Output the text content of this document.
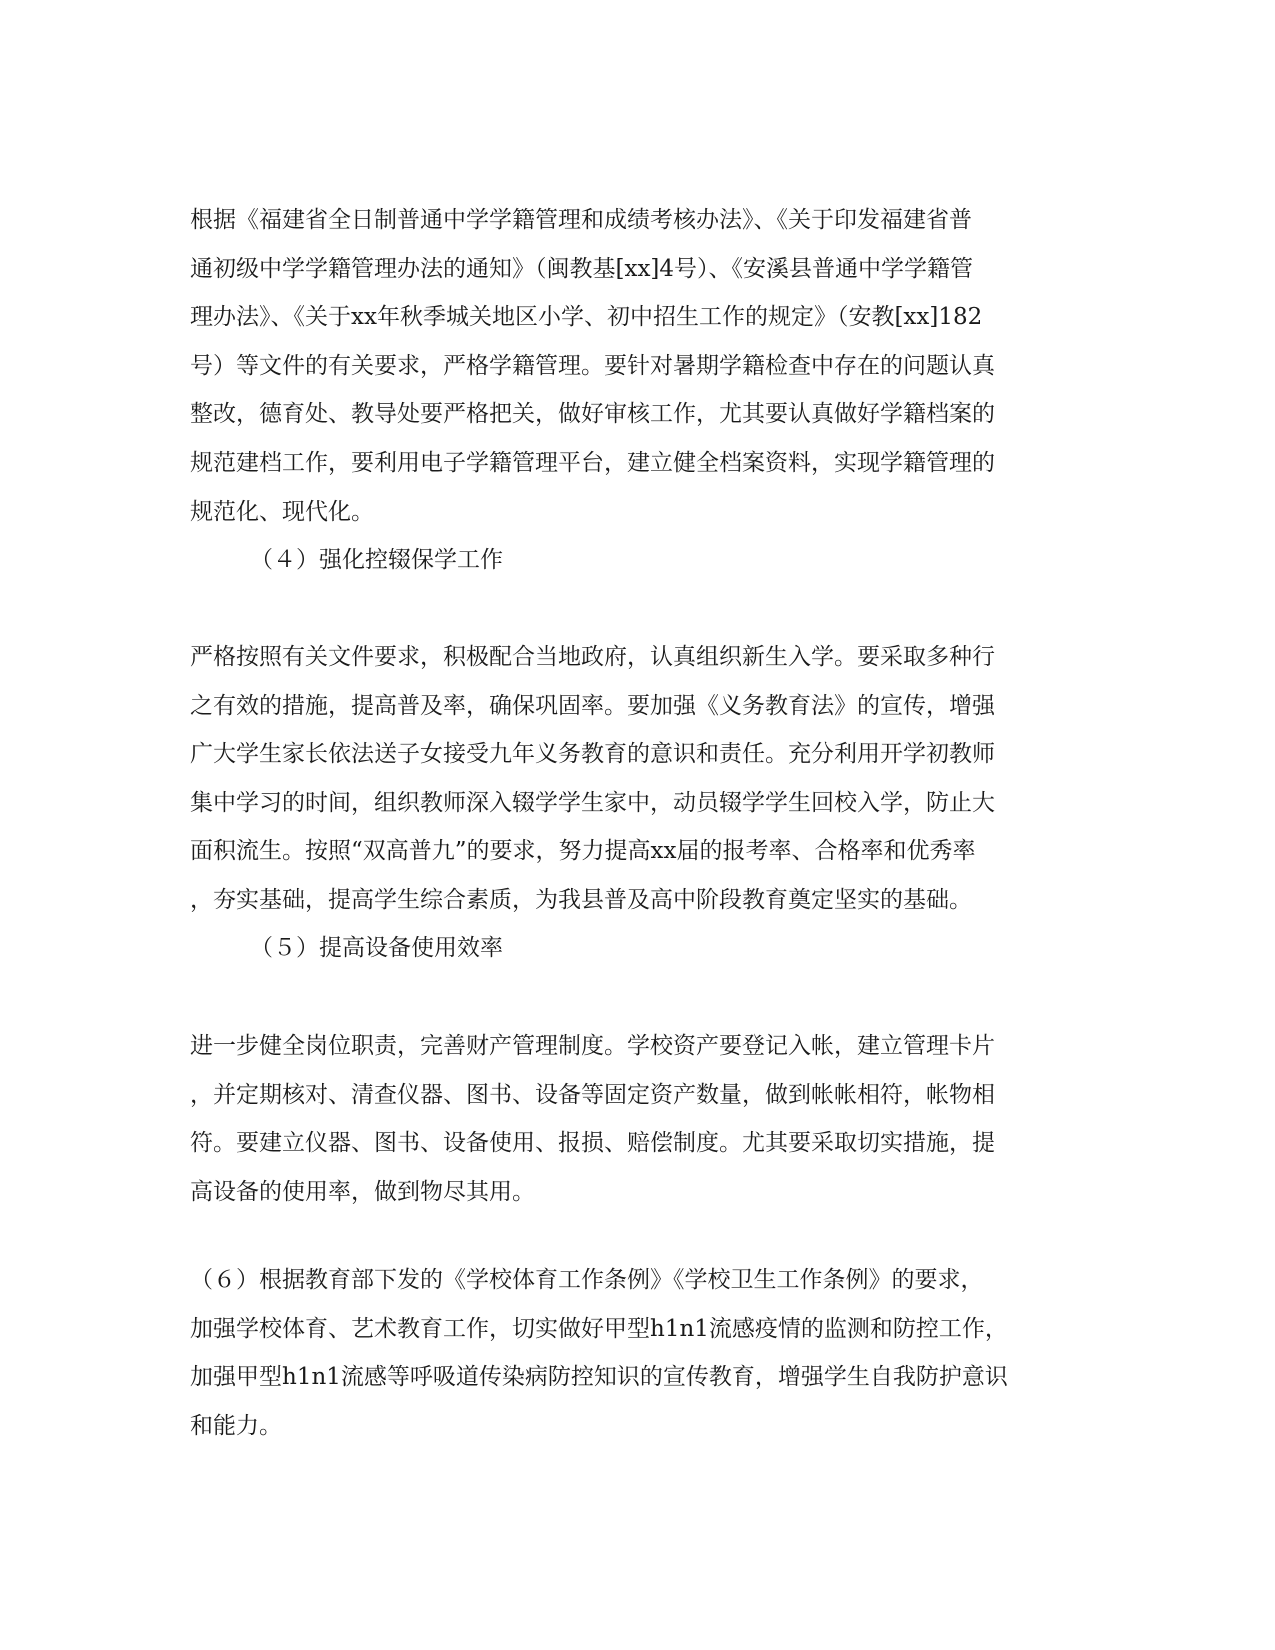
根据《福建省全日制普通中学学籍管理和成绩考核办法》、《关于印发福建省普
通初级中学学籍管理办法的通知》（闽教基[xx]4号）、《安溪县普通中学学籍管
理办法》、《关于xx年秋季城关地区小学、初中招生工作的规定》（安教[xx]182
号）等文件的有关要求，严格学籍管理。要针对暑期学籍检查中存在的问题认真
整改，德育处、教导处要严格把关，做好审核工作，尤其要认真做好学籍档案的
规范建档工作，要利用电子学籍管理平台，建立健全档案资料，实现学籍管理的
规范化、现代化。
（４）强化控辍保学工作
严格按照有关文件要求，积极配合当地政府，认真组织新生入学。要采取多种行
之有效的措施，提高普及率，确保巩固率。要加强《义务教育法》的宣传，增强
广大学生家长依法送子女接受九年义务教育的意识和责任。充分利用开学初教师
集中学习的时间，组织教师深入辍学学生家中，动员辍学学生回校入学，防止大
面积流生。按照“双高普九”的要求，努力提高xx届的报考率、合格率和优秀率
，夯实基础，提高学生综合素质，为我县普及高中阶段教育奠定坚实的基础。
（５）提高设备使用效率
进一步健全岗位职责，完善财产管理制度。学校资产要登记入帐，建立管理卡片
，并定期核对、清查仪器、图书、设备等固定资产数量，做到帐帐相符，帐物相
符。要建立仪器、图书、设备使用、报损、赔偿制度。尤其要采取切实措施，提
高设备的使用率，做到物尽其用。
（６）根据教育部下发的《学校体育工作条例》《学校卫生工作条例》的要求，
加强学校体育、艺术教育工作，切实做好甲型h1n1流感疫情的监测和防控工作，
加强甲型h1n1流感等呼吸道传染病防控知识的宣传教育，增强学生自我防护意识
和能力。
